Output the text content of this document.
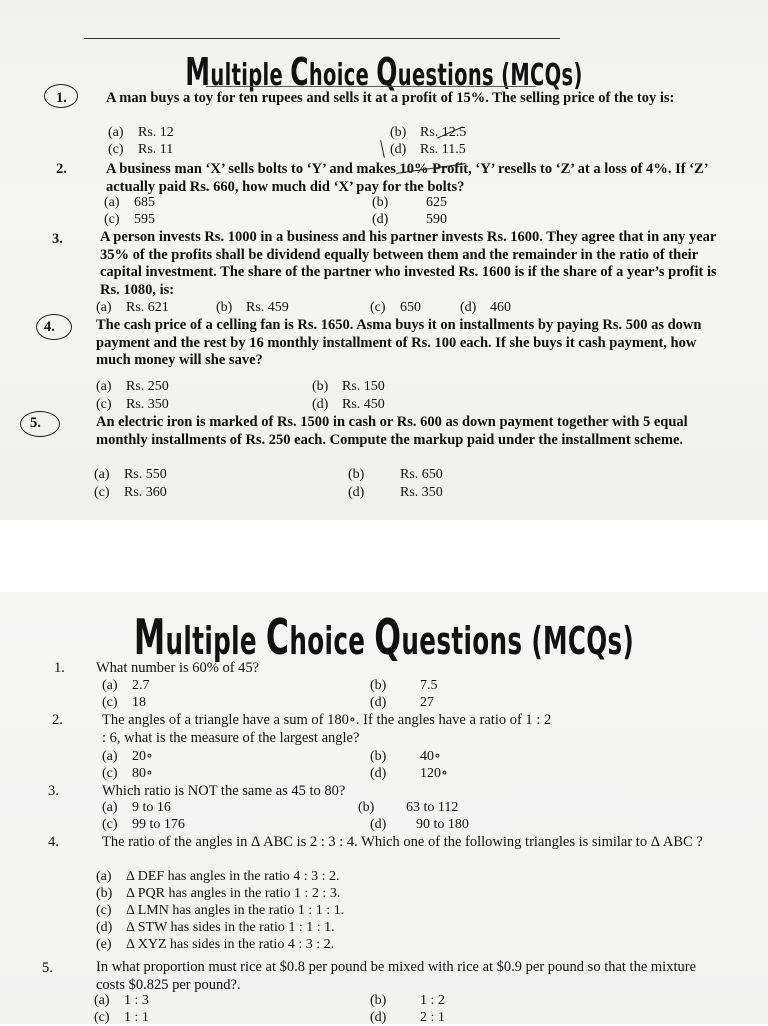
Multiple Choice Questions (MCQs)
1.	A man buys a toy for ten rupees and sells it at a profit of 15%. The selling price of the toy is:
(a) Rs. 12	(b) Rs. 12.5
(c) Rs. 11	(d) Rs. 11.5
2.	A business man ‘X’ sells bolts to ‘Y’ and makes 10% Profit, ‘Y’ resells to ‘Z’ at a loss of 4%. If ‘Z’ actually paid Rs. 660, how much did ‘X’ pay for the bolts?
(a) 685	(b)	625
(c) 595	(d)	590
3.	A person invests Rs. 1000 in a business and his partner invests Rs. 1600. They agree that in any year 35% of the profits shall be dividend equally between them and the remainder in the ratio of their capital investment. The share of the partner who invested Rs. 1600 is if the share of a year’s profit is Rs. 1080, is:
(a) Rs. 621	(b) Rs. 459	(c) 650	(d) 460
4.	The cash price of a celling fan is Rs. 1650. Asma buys it on installments by paying Rs. 500 as down payment and the rest by 16 monthly installment of Rs. 100 each. If she buys it cash payment, how much money will she save?
(a) Rs. 250	(b) Rs. 150
(c) Rs. 350	(d) Rs. 450
5.	An electric iron is marked of Rs. 1500 in cash or Rs. 600 as down payment together with 5 equal monthly installments of Rs. 250 each. Compute the markup paid under the installment scheme.
(a) Rs. 550	(b)	Rs. 650
(c) Rs. 360	(d)	Rs. 350
Multiple Choice Questions (MCQs)
1. What number is 60% of 45?
(a) 2.7	(b) 7.5
(c) 18	(d) 27
2.	The angles of a triangle have a sum of 180∘. If the angles have a ratio of 1 : 2 : 6, what is the measure of the largest angle?
(a) 20∘	(b) 40∘
(c) 80∘	(d) 120∘
3.	Which ratio is NOT the same as 45 to 80?
(a) 9 to 16	(b) 63 to 112
(c) 99 to 176	(d) 90 to 180
4.	The ratio of the angles in Δ ABC is 2 : 3 : 4. Which one of the following triangles is similar to Δ ABC ?
(a) Δ DEF has angles in the ratio 4 : 3 : 2.
(b) Δ PQR has angles in the ratio 1 : 2 : 3.
(c) Δ LMN has angles in the ratio 1 : 1 : 1.
(d) Δ STW has sides in the ratio 1 : 1 : 1.
(e) Δ XYZ has sides in the ratio 4 : 3 : 2.
5.	In what proportion must rice at $0.8 per pound be mixed with rice at $0.9 per pound so that the mixture costs $0.825 per pound?.
(a) 1 : 3	(b) 1 : 2
(c) 1 : 1	(d) 2 : 1
